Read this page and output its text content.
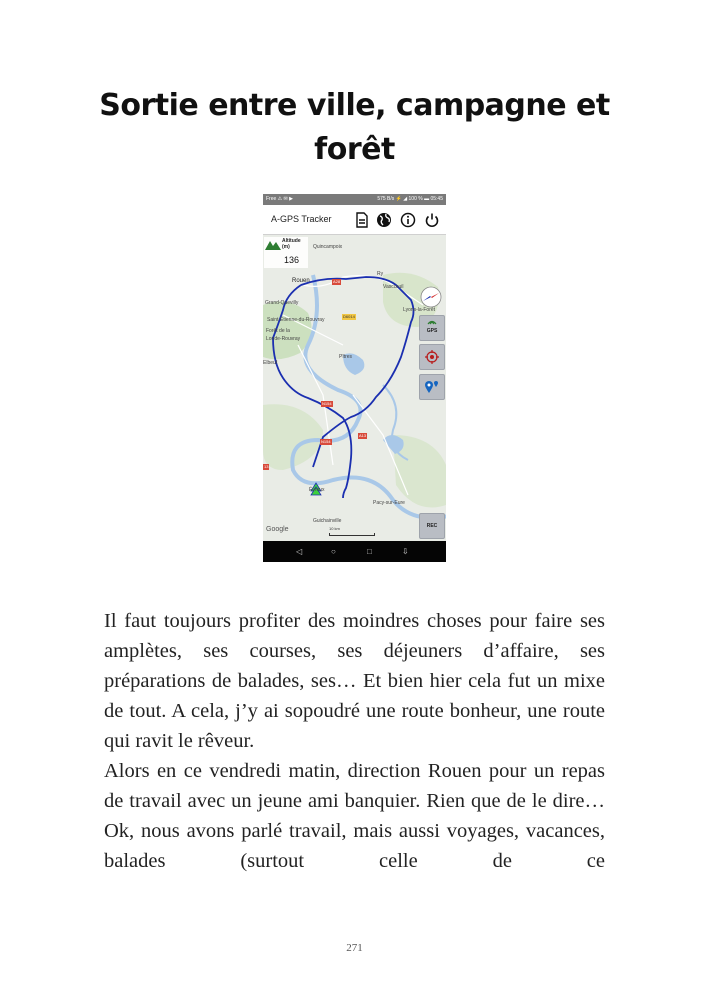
Sortie entre ville, campagne et forêt
Free ⚠ ✉ ▶	575 B/s ⚡ ◢ 100 % ▬ 05:45
A-GPS Tracker
Altitude (m)
136
GPS
REC
Quincampoix
Rouen
Ry
Vascœuil
Grand-Quevilly
Saint-Étienne-du-Rouvray
Lyons-la-Forêt
Forêt de la Londe-Rouvray
Elbeuf
Pîtres
Pacy-sur-Eure
Guichainville
Évreux
A28
D6014
N154
N154
A13
13
Google	10 km
◁	○	□	⇩

Il faut toujours profiter des moindres choses pour faire ses amplètes, ses courses, ses déjeuners d’affaire, ses préparations de balades, ses… Et bien hier cela fut un mixe de tout. A cela, j’y ai sopoudré une route bonheur, une route qui ravit le rêveur.

Alors en ce vendredi matin, direction Rouen pour un repas de travail avec un jeune ami banquier. Rien que de le dire… Ok, nous avons parlé travail, mais aussi voyages, vacances, balades (surtout celle de ce

271
